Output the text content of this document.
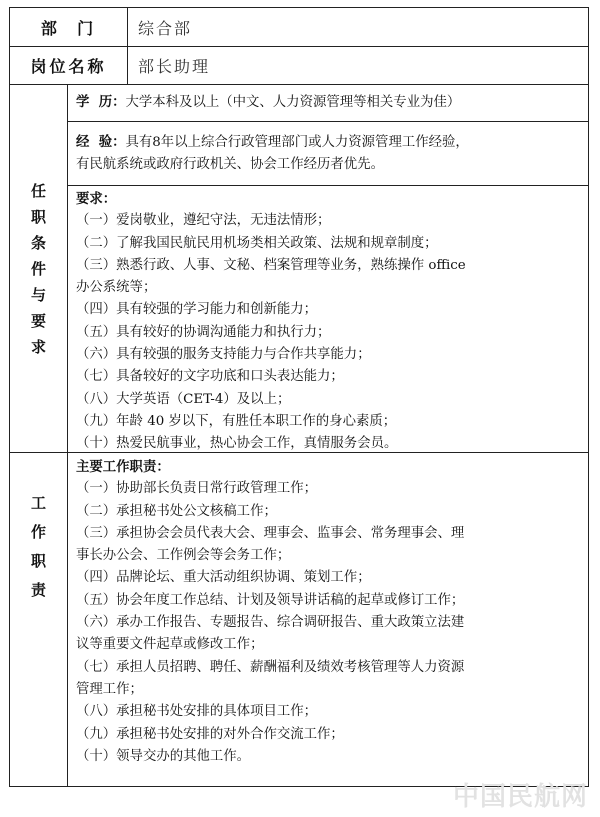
部  门	综合部
岗位名称	部长助理
任
职
条
件
与
要
求
学  历：大学本科及以上（中文、人力资源管理等相关专业为佳）
经  验：具有8年以上综合行政管理部门或人力资源管理工作经验，
有民航系统或政府行政机关、协会工作经历者优先。
要求：
（一）爱岗敬业，遵纪守法，无违法情形；
（二）了解我国民航民用机场类相关政策、法规和规章制度；
（三）熟悉行政、人事、文秘、档案管理等业务，熟练操作 office
办公系统等；
（四）具有较强的学习能力和创新能力；
（五）具有较好的协调沟通能力和执行力；
（六）具有较强的服务支持能力与合作共享能力；
（七）具备较好的文字功底和口头表达能力；
（八）大学英语（CET-4）及以上；
（九）年龄 40 岁以下，有胜任本职工作的身心素质；
（十）热爱民航事业，热心协会工作，真情服务会员。
工
作
职
责
主要工作职责：
（一）协助部长负责日常行政管理工作；
（二）承担秘书处公文核稿工作；
（三）承担协会会员代表大会、理事会、监事会、常务理事会、理
事长办公会、工作例会等会务工作；
（四）品牌论坛、重大活动组织协调、策划工作；
（五）协会年度工作总结、计划及领导讲话稿的起草或修订工作；
（六）承办工作报告、专题报告、综合调研报告、重大政策立法建
议等重要文件起草或修改工作；
（七）承担人员招聘、聘任、薪酬福利及绩效考核管理等人力资源
管理工作；
（八）承担秘书处安排的具体项目工作；
（九）承担秘书处安排的对外合作交流工作；
（十）领导交办的其他工作。
中国民航网
